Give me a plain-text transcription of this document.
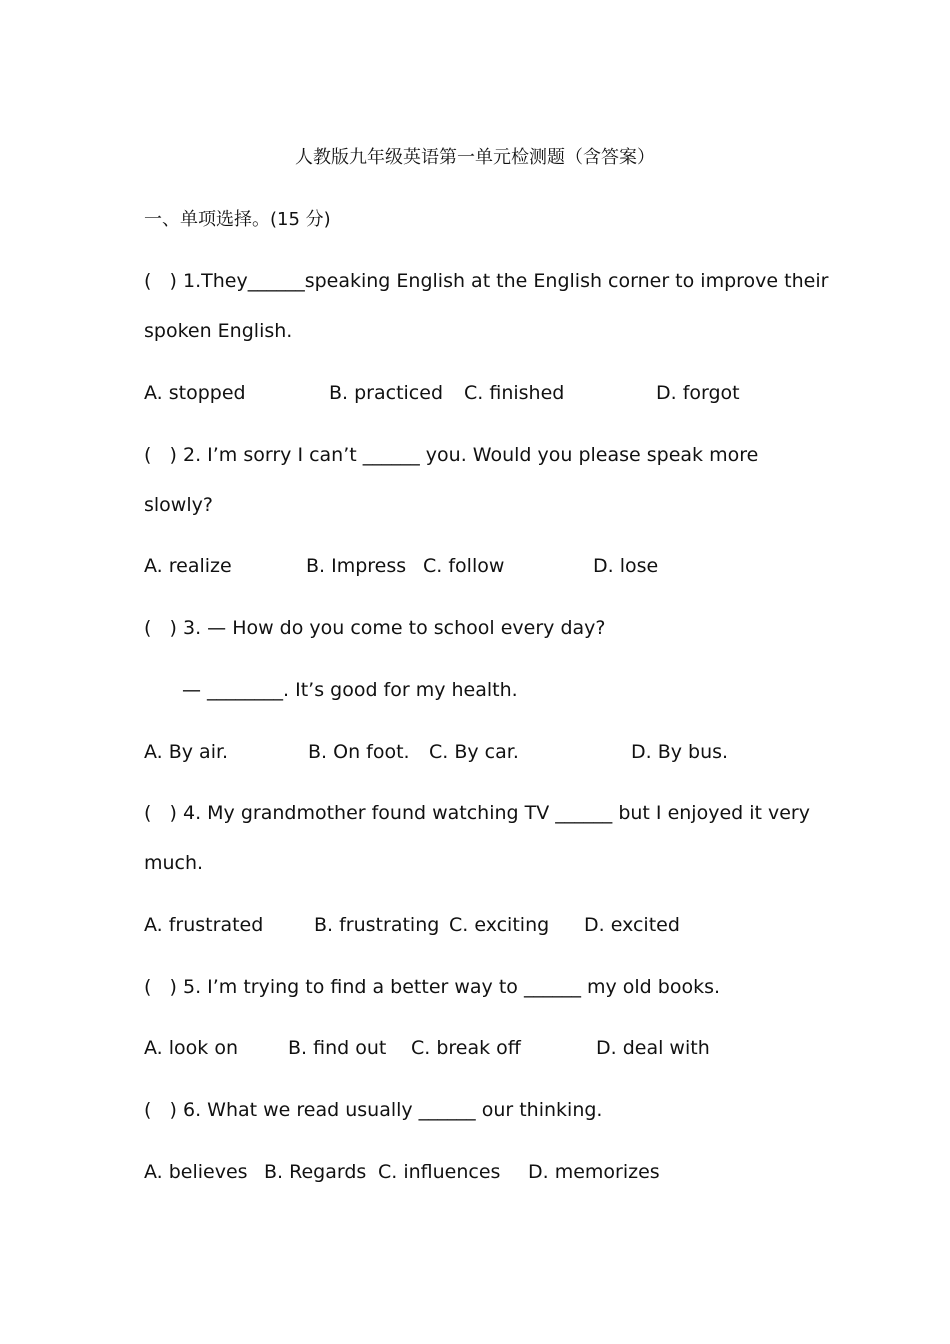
人教版九年级英语第一单元检测题（含答案）
一、单项选择。(15 分)
(   ) 1.They______speaking English at the English corner to improve their
spoken English.
A. stopped	B. practiced C. finished	D. forgot
(   ) 2. I’m sorry I can’t ______ you. Would you please speak more
slowly?
A. realize	B. Impress C. follow	D. lose
(   ) 3. — How do you come to school every day?
— ________. It’s good for my health.
A. By air.	B. On foot. C. By car.	D. By bus.
(   ) 4. My grandmother found watching TV ______ but I enjoyed it very
much.
A. frustrated	B. frustrating C. exciting D. excited
(   ) 5. I’m trying to find a better way to ______ my old books.
A. look on	B. find out C. break off	D. deal with
(   ) 6. What we read usually ______ our thinking.
A. believes B. Regards C. influences D. memorizes
